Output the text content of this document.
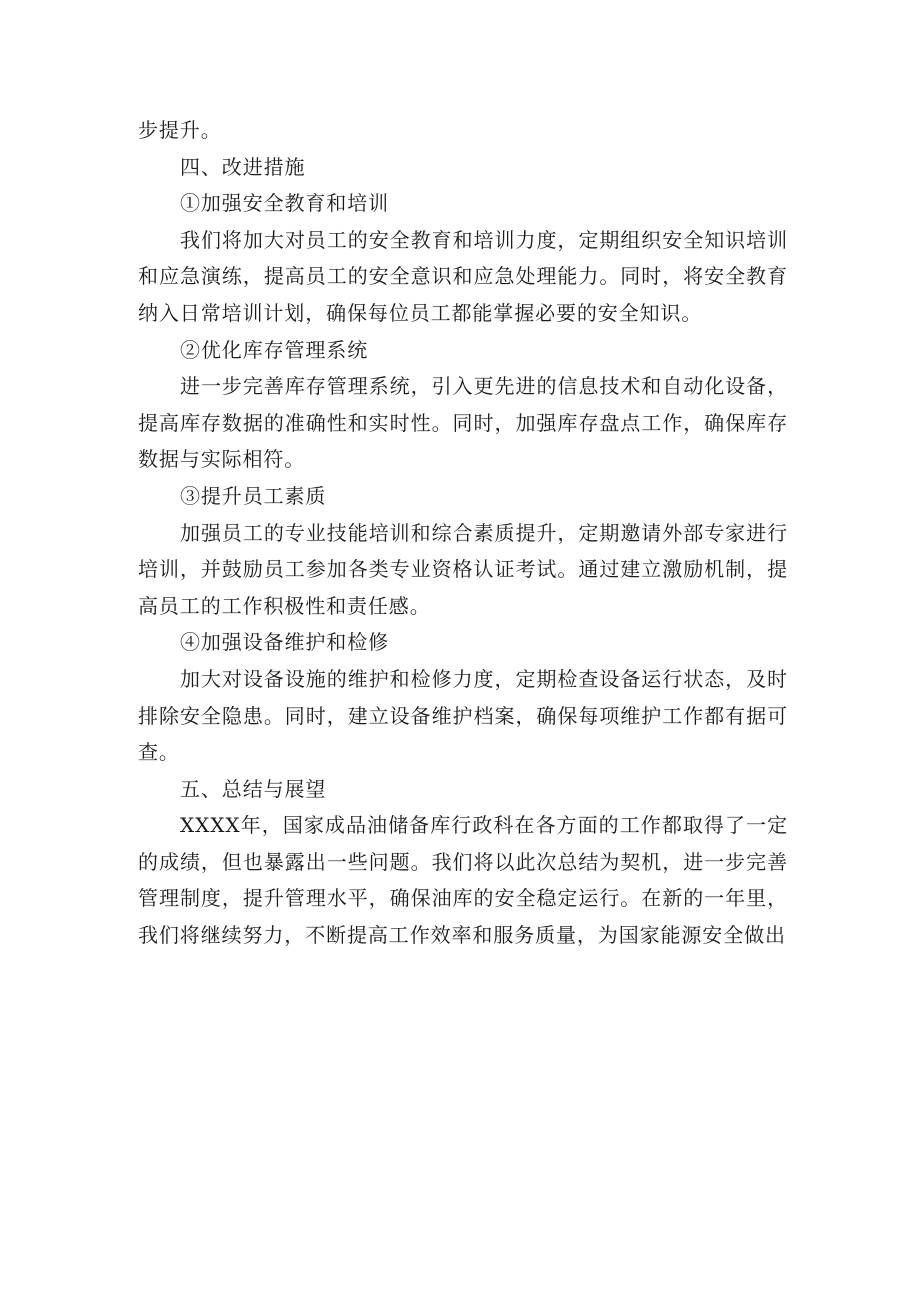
步提升。

四、改进措施

①加强安全教育和培训

我们将加大对员工的安全教育和培训力度，定期组织安全知识培训和应急演练，提高员工的安全意识和应急处理能力。同时，将安全教育纳入日常培训计划，确保每位员工都能掌握必要的安全知识。

②优化库存管理系统

进一步完善库存管理系统，引入更先进的信息技术和自动化设备，提高库存数据的准确性和实时性。同时，加强库存盘点工作，确保库存数据与实际相符。

③提升员工素质

加强员工的专业技能培训和综合素质提升，定期邀请外部专家进行培训，并鼓励员工参加各类专业资格认证考试。通过建立激励机制，提高员工的工作积极性和责任感。

④加强设备维护和检修

加大对设备设施的维护和检修力度，定期检查设备运行状态，及时排除安全隐患。同时，建立设备维护档案，确保每项维护工作都有据可查。

五、总结与展望

XXXX年，国家成品油储备库行政科在各方面的工作都取得了一定的成绩，但也暴露出一些问题。我们将以此次总结为契机，进一步完善管理制度，提升管理水平，确保油库的安全稳定运行。在新的一年里，我们将继续努力，不断提高工作效率和服务质量，为国家能源安全做出
